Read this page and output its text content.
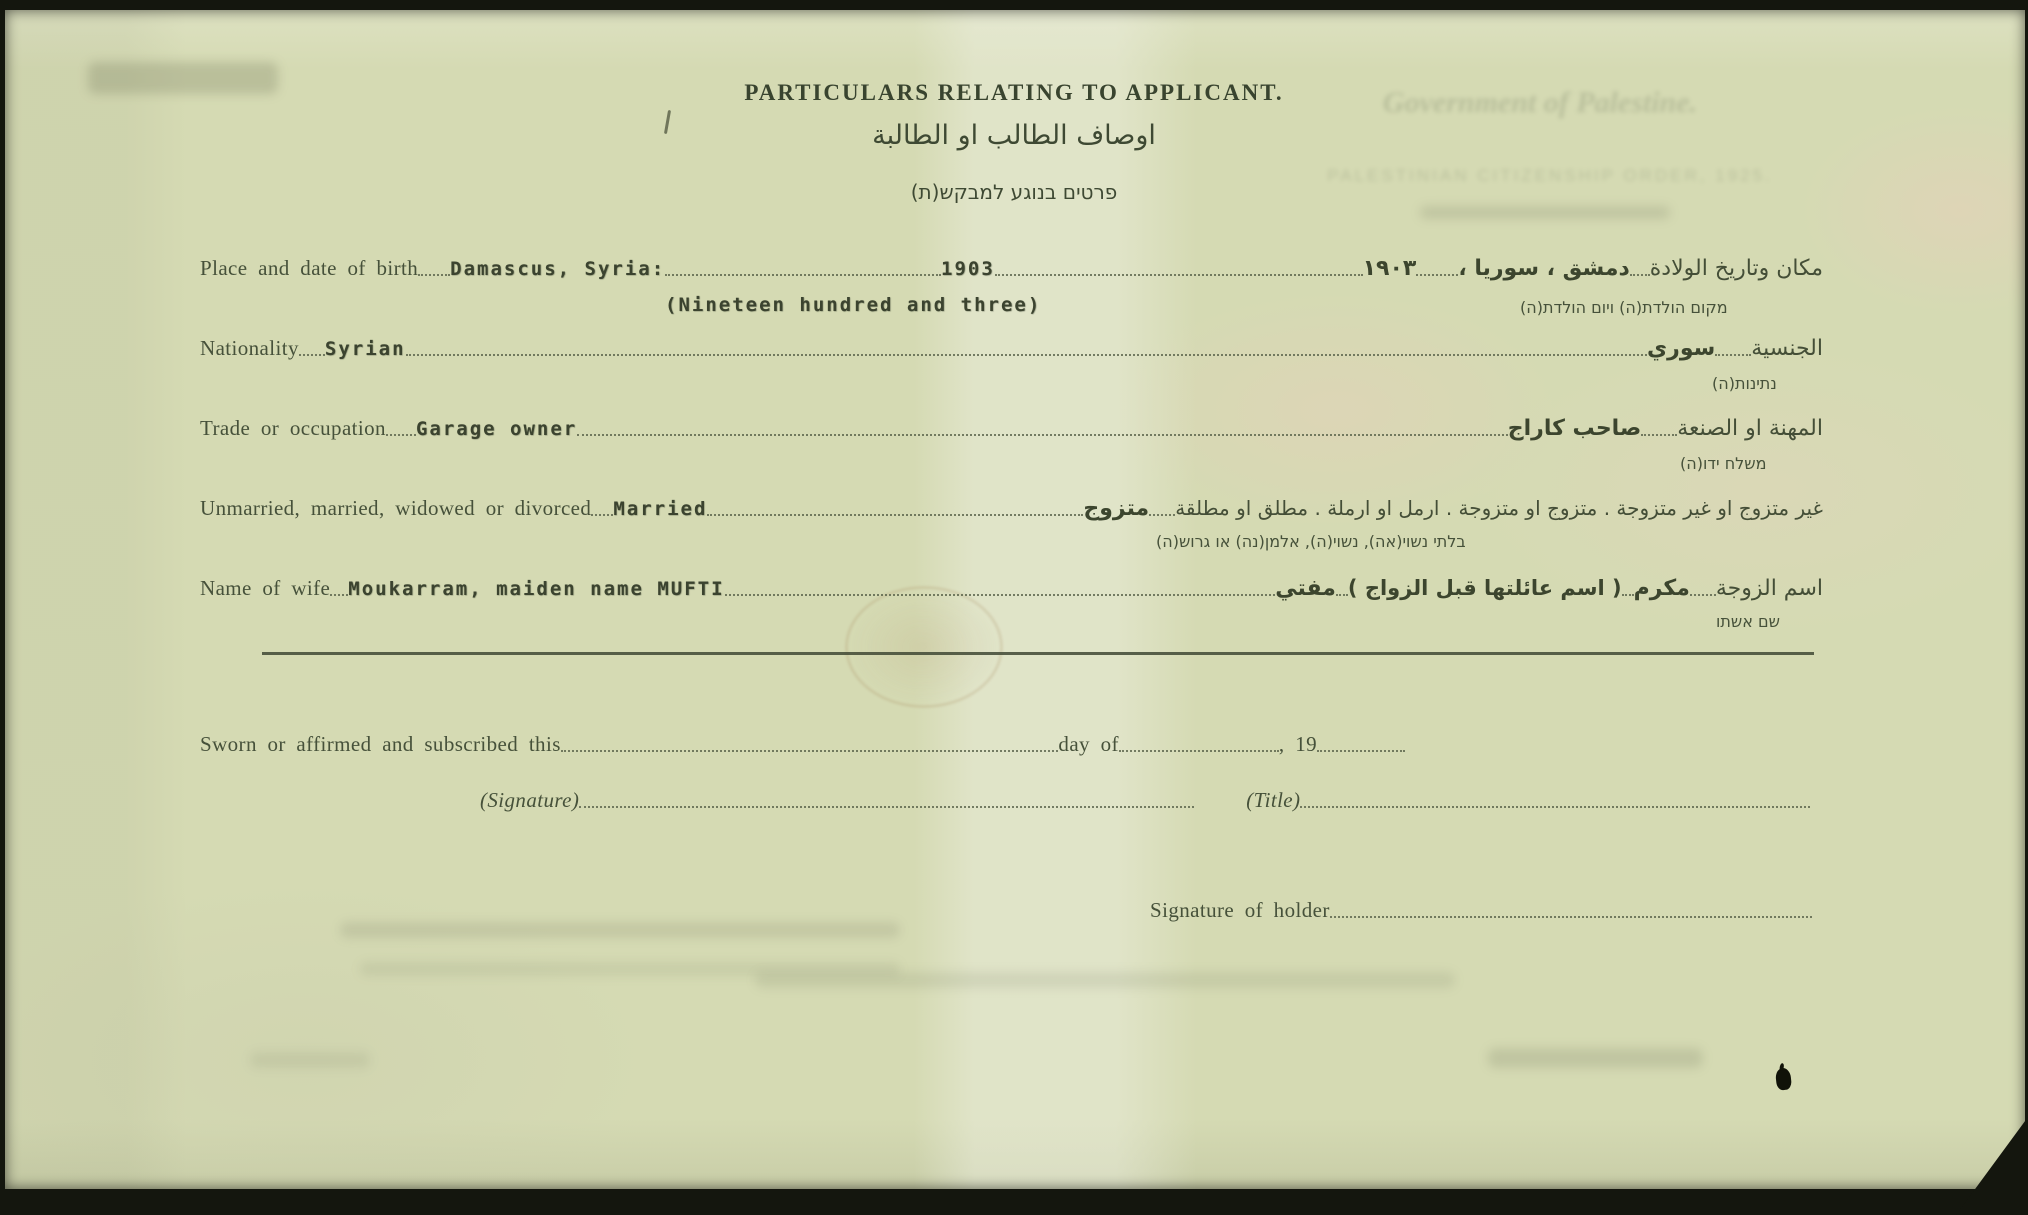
Government of Palestine.
PALESTINIAN CITIZENSHIP ORDER, 1925.
PARTICULARS RELATING TO APPLICANT.
اوصاف الطالب او الطالبة
פרטים בנוגע למבקש(ת)
Place and date of birth Damascus, Syria:	1903	١٩٠٣ دمشق ، سوريا ، مكان وتاريخ الولادة
(Nineteen hundred and three)	מקום הולדת(ה) ויום הולדת(ה)
Nationality Syrian	سوري الجنسية
נתינות(ה)
Trade or occupation Garage owner	صاحب كاراج المهنة او الصنعة
משלח ידו(ה)
Unmarried, married, widowed or divorced Married	متزوج غير متزوج او غير متزوجة . متزوج او متزوجة . ارمل او ارملة . مطلق او مطلقة
בלתי נשוי(אה), נשוי(ה), אלמן(נה) או גרוש(ה)
Name of wife Moukarram, maiden name MUFTI	مفتي ( اسم عائلتها قبل الزواج ) مكرم اسم الزوجة
שם אשתו
Sworn or affirmed and subscribed this	day of	, 19
(Signature)	(Title)
Signature of holder
